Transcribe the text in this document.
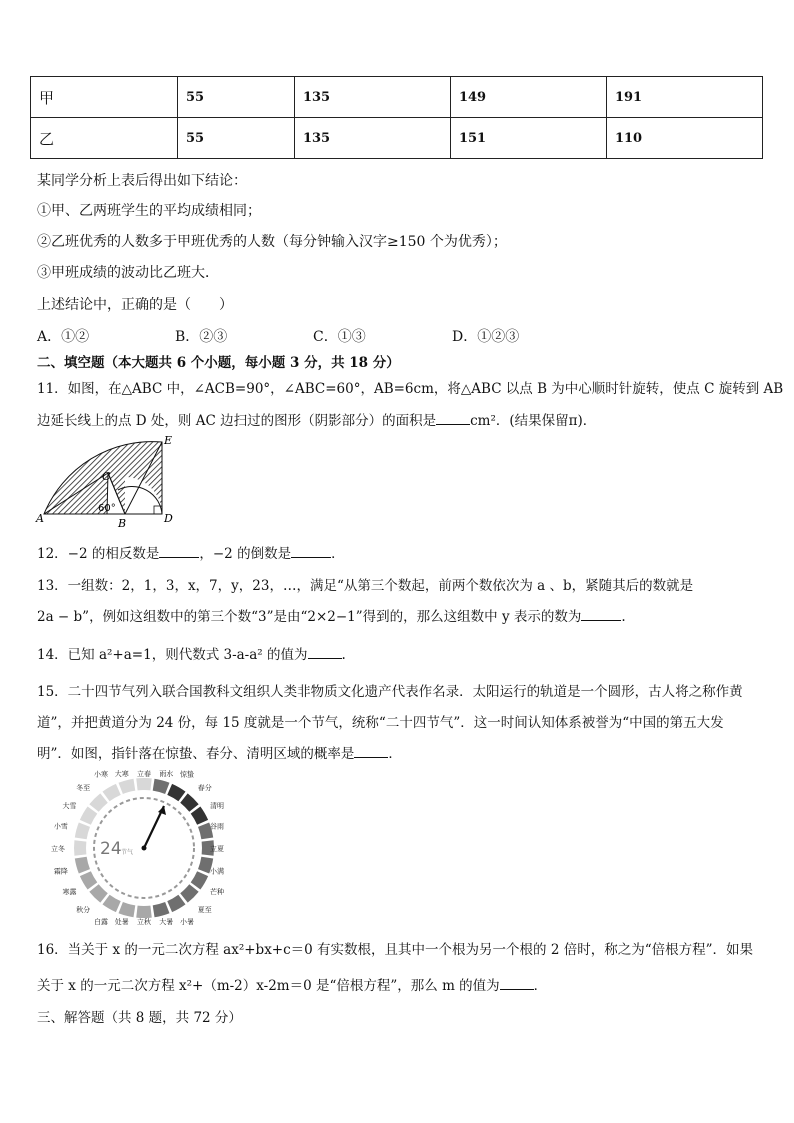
甲	55	135	149	191
乙	55	135	151	110
某同学分析上表后得出如下结论：
①甲、乙两班学生的平均成绩相同；
②乙班优秀的人数多于甲班优秀的人数（每分钟输入汉字≥150 个为优秀）；
③甲班成绩的波动比乙班大．
上述结论中，正确的是（　　）
A．①②	B．②③	C．①③	D．①②③
二、填空题（本大题共 6 个小题，每小题 3 分，共 18 分）
11．如图，在△ABC 中，∠ACB=90°，∠ABC=60°，AB=6cm，将△ABC 以点 B 为中心顺时针旋转，使点 C 旋转到 AB
边延长线上的点 D 处，则 AC 边扫过的图形（阴影部分）的面积是	cm²．(结果保留π)．
A	B
C
D
E
60°
12．−2 的相反数是	，−2 的倒数是	．
13．一组数：2，1，3，x，7，y，23，…，满足“从第三个数起，前两个数依次为 a 、b，紧随其后的数就是
2a − b”，例如这组数中的第三个数“3”是由“2×2−1”得到的，那么这组数中 y 表示的数为	.
14．已知 a²+a=1，则代数式 3-a-a² 的值为	.
15．二十四节气列入联合国教科文组织人类非物质文化遗产代表作名录．太阳运行的轨道是一个圆形，古人将之称作黄
道”，并把黄道分为 24 份，每 15 度就是一个节气，统称“二十四节气”．这一时间认知体系被誉为“中国的第五大发
明”．如图，指针落在惊蛰、春分、清明区域的概率是	．
雨水 惊蛰
春分
清明
谷雨
立夏
小满
芒种
夏至
小暑
大暑
立秋
处暑
白露
秋分
寒露
霜降
立冬
小雪
大雪
冬至
小寒 大寒 立春
24 节气
16．当关于 x 的一元二次方程 ax²+bx+c＝0 有实数根，且其中一个根为另一个根的 2 倍时，称之为“倍根方程”．如果
关于 x 的一元二次方程 x²+（m-2）x-2m＝0 是“倍根方程”，那么 m 的值为	．
三、解答题（共 8 题，共 72 分）
